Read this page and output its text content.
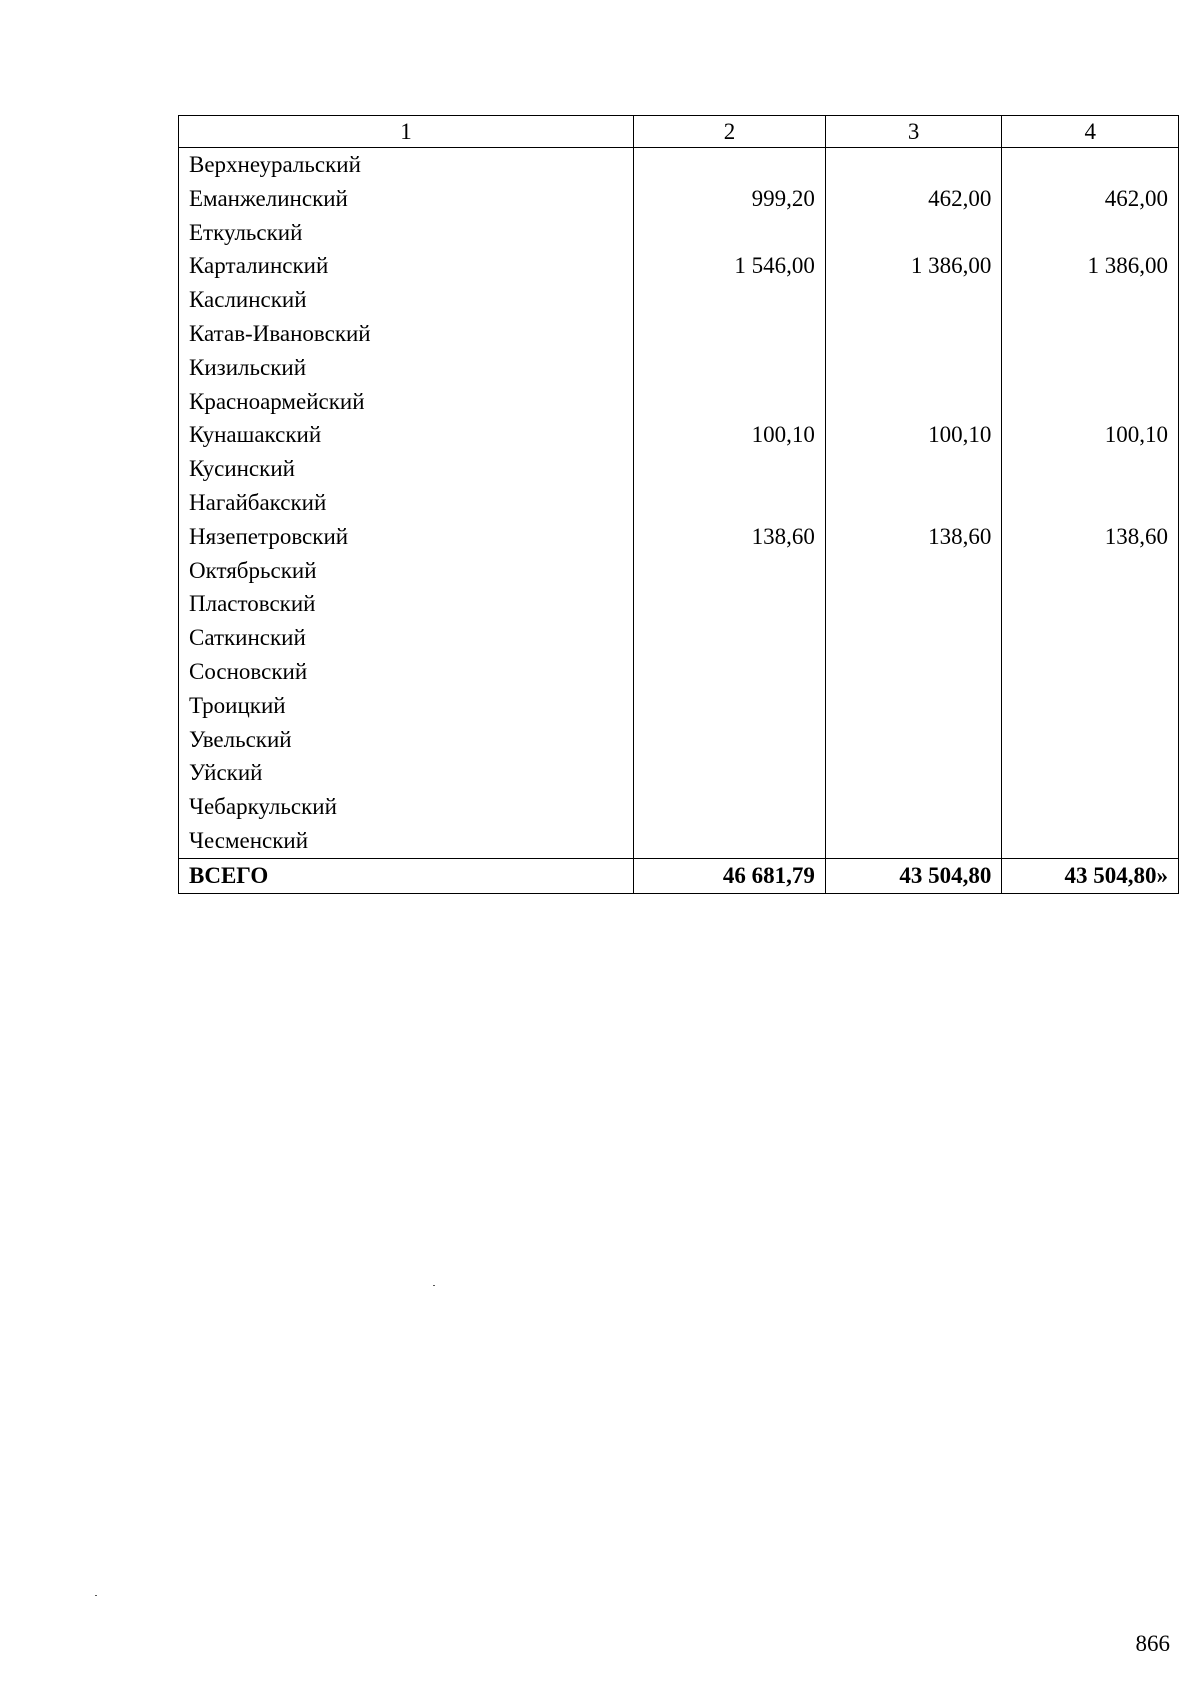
1	2	3	4
Верхнеуральский			
Еманжелинский	999,20	462,00	462,00
Еткульский			
Карталинский	1 546,00	1 386,00	1 386,00
Каслинский			
Катав-Ивановский			
Кизильский			
Красноармейский			
Кунашакский	100,10	100,10	100,10
Кусинский			
Нагайбакский			
Нязепетровский	138,60	138,60	138,60
Октябрьский			
Пластовский			
Саткинский			
Сосновский			
Троицкий			
Увельский			
Уйский			
Чебаркульский			
Чесменский			
ВСЕГО	46 681,79	43 504,80	43 504,80»
866
